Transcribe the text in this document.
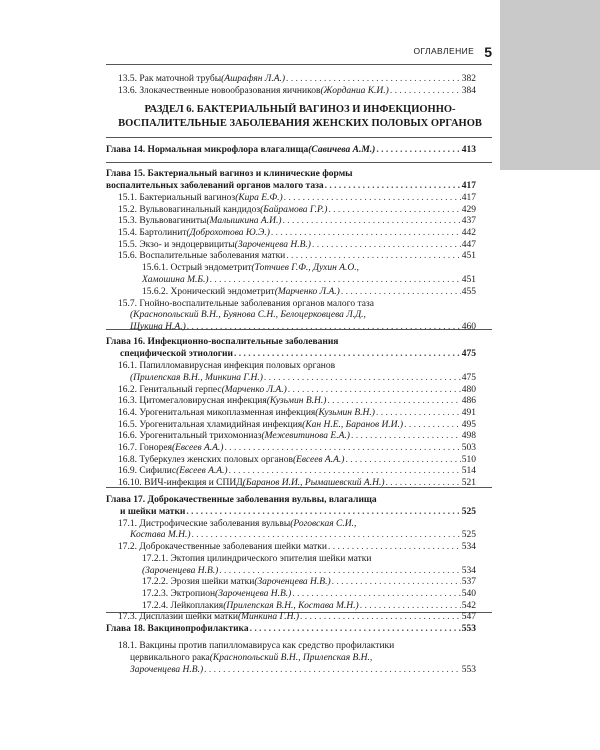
ОГЛАВЛЕНИЕ 5
РАЗДЕЛ 6. БАКТЕРИАЛЬНЫЙ ВАГИНОЗ И ИНФЕКЦИОННО-
ВОСПАЛИТЕЛЬНЫЕ ЗАБОЛЕВАНИЯ ЖЕНСКИХ ПОЛОВЫХ ОРГАНОВ
13.5. Рак маточной трубы (Ашрафян Л.А.) . . .	382
13.6. Злокачественные новообразования яичников (Жорданиа К.И.) . . .	384
Глава 14. Нормальная микрофлора влагалища (Савичева А.М.) . . .	413
Глава 15. Бактериальный вагиноз и клинические формы
воспалительных заболеваний органов малого таза . . .	417
15.1. Бактериальный вагиноз (Кира Е.Ф.) . . .	417
15.2. Вульвовагинальный кандидоз (Байрамова Г.Р.) . . .	429
15.3. Вульвовагиниты (Малышкина А.И.) . . .	437
15.4. Бартолинит (Доброхотова Ю.Э.) . . .	442
15.5. Экзо- и эндоцервициты (Зароченцева Н.В.) . . .	447
15.6. Воспалительные заболевания матки . . .	451
15.6.1. Острый эндометрит (Тотчиев Г.Ф., Духин А.О.,
Хамошина М.Б.) . . .	451
15.6.2. Хронический эндометрит (Марченко Л.А.) . . .	455
15.7. Гнойно-воспалительные заболевания органов малого таза
(Краснопольский В.Н., Буянова С.Н., Белоцерковцева Л.Д.,
Щукина Н.А.) . . .	460
Глава 16. Инфекционно-воспалительные заболевания
специфической этиологии . . .	475
16.1. Папилломавирусная инфекция половых органов
(Прилепская В.Н., Минкина Г.Н.) . . .	475
16.2. Генитальный герпес (Марченко Л.А.) . . .	480
16.3. Цитомегаловирусная инфекция (Кузьмин В.Н.) . . .	486
16.4. Урогенитальная микоплазменная инфекция (Кузьмин В.Н.) . . .	491
16.5. Урогенитальная хламидийная инфекция (Кан Н.Е., Баранов И.И.) . . .	495
16.6. Урогенитальный трихомониаз (Межевитинова Е.А.) . . .	498
16.7. Гонорея (Евсеев А.А.) . . .	503
16.8. Туберкулез женских половых органов (Евсеев А.А.) . . .	510
16.9. Сифилис (Евсеев А.А.) . . .	514
16.10. ВИЧ-инфекция и СПИД (Баранов И.И., Рымашевский А.Н.) . . .	521
Глава 17. Доброкачественные заболевания вульвы, влагалища
и шейки матки . . .	525
17.1. Дистрофические заболевания вульвы (Роговская С.И.,
Костава М.Н.) . . .	525
17.2. Доброкачественные заболевания шейки матки . . .	534
17.2.1. Эктопия цилиндрического эпителия шейки матки
(Зароченцева Н.В.) . . .	534
17.2.2. Эрозия шейки матки (Зароченцева Н.В.) . . .	537
17.2.3. Эктропион (Зароченцева Н.В.) . . .	540
17.2.4. Лейкоплакия (Прилепская В.Н., Костава М.Н.) . . .	542
17.3. Дисплазии шейки матки (Минкина Г.Н.) . . .	547
Глава 18. Вакцинопрофилактика . . .	553
18.1. Вакцины против папилломавируса как средство профилактики
цервикального рака (Краснопольский В.Н., Прилепская В.Н.,
Зароченцева Н.В.) . . .	553
